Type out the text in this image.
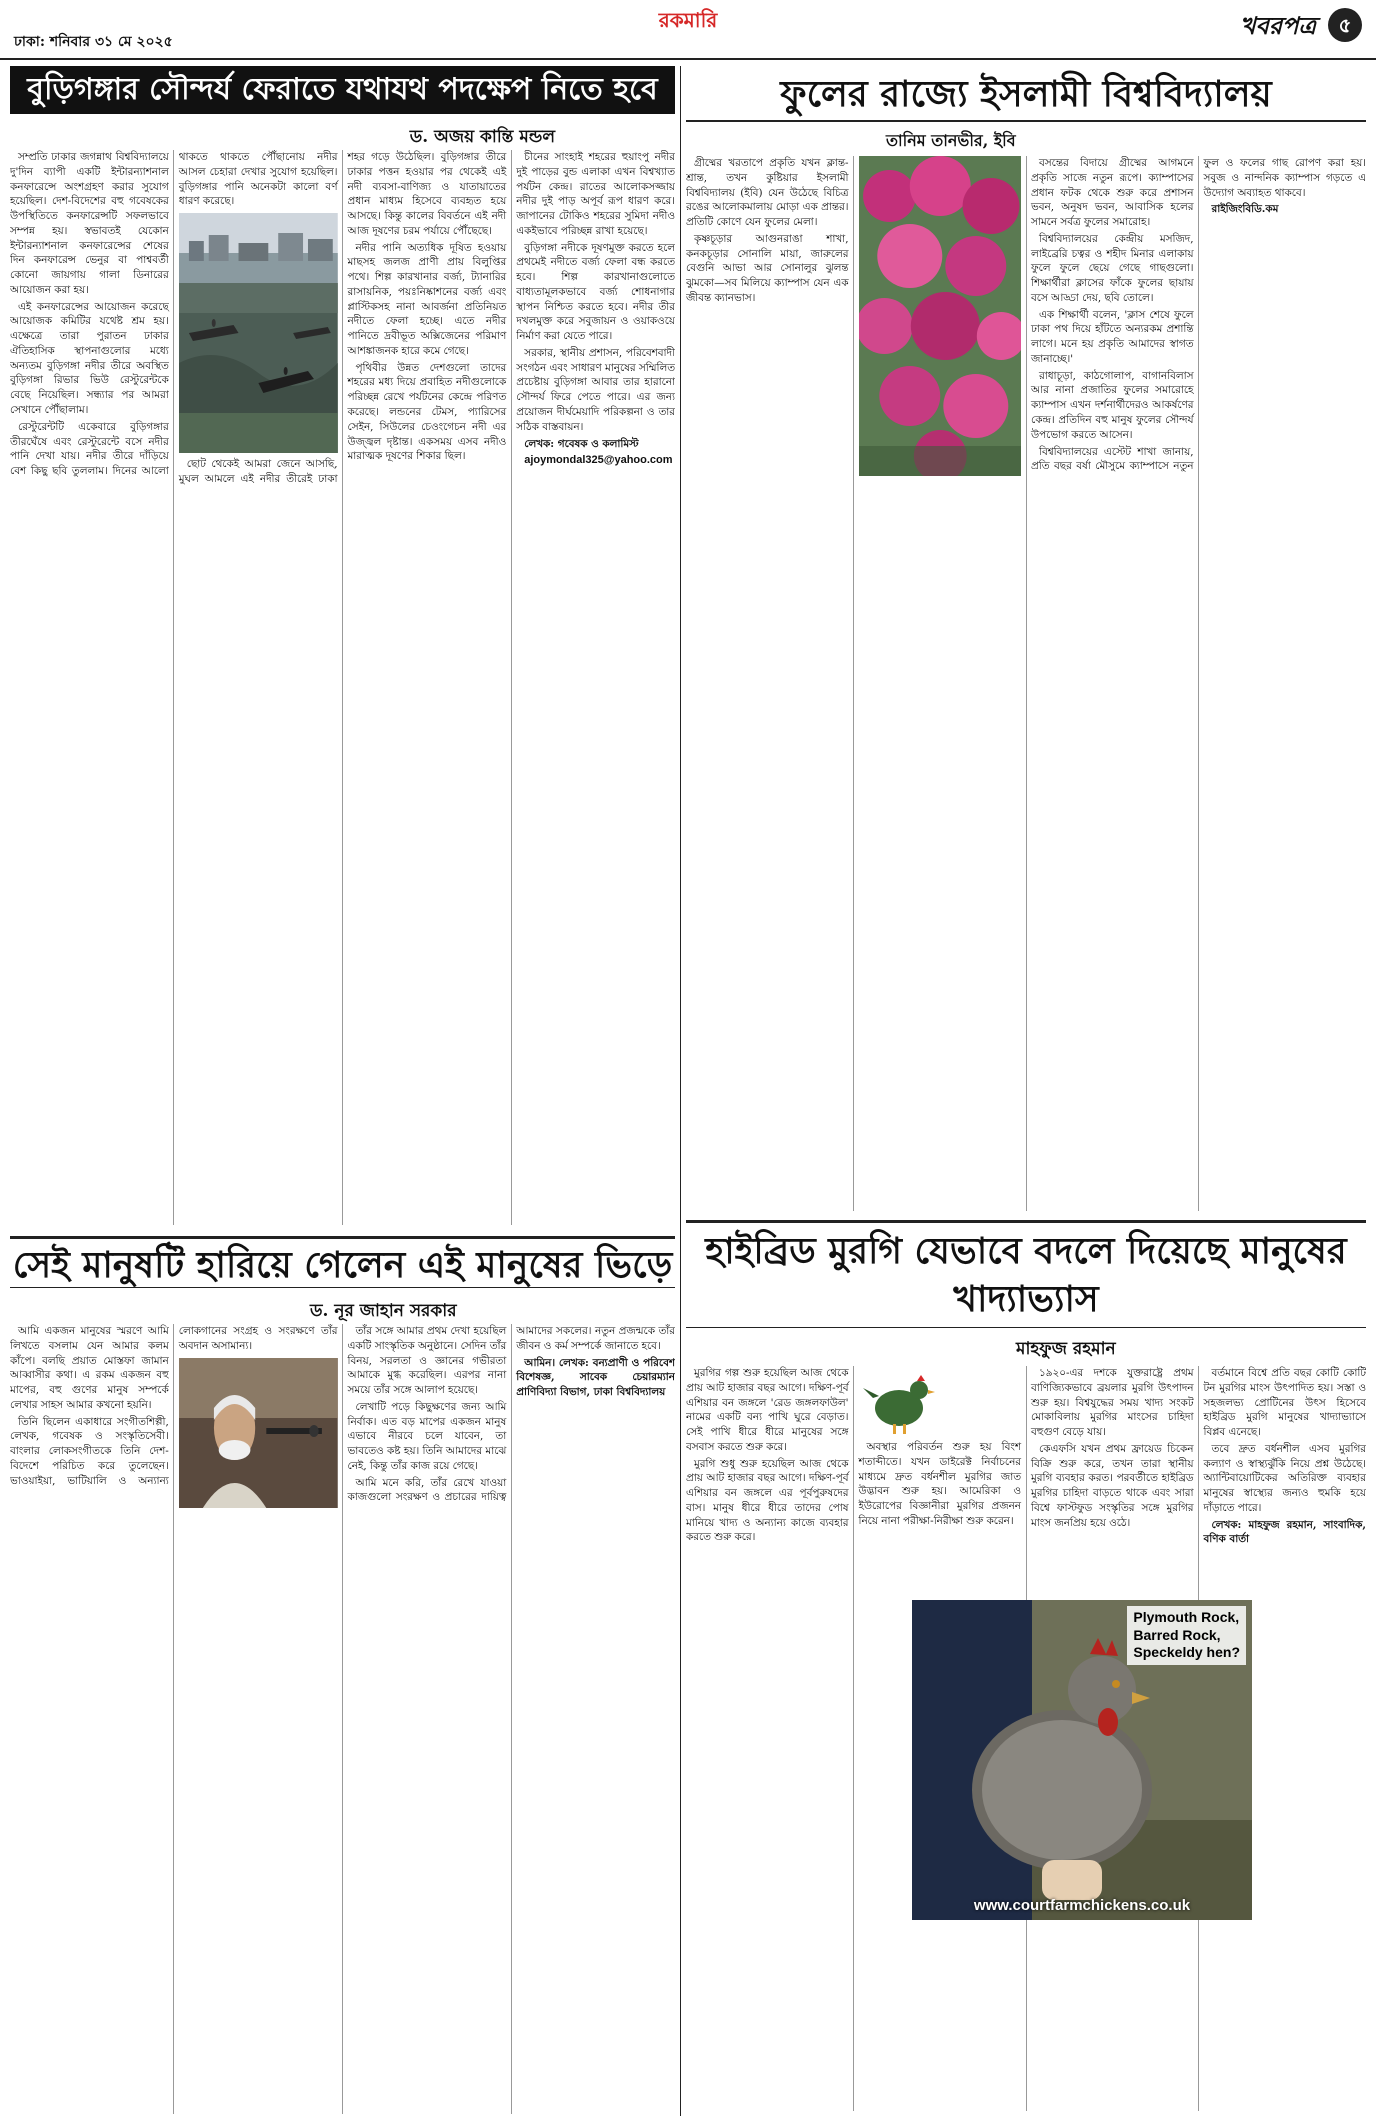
ঢাকা: শনিবার ৩১ মে ২০২৫
রকমারি	খবরপত্র	৫
বুড়িগঙ্গার সৌন্দর্য ফেরাতে যথাযথ পদক্ষেপ নিতে হবে
ড. অজয় কান্তি মন্ডল

সম্প্রতি ঢাকার জগন্নাথ বিশ্ববিদ্যালয়ে দু'দিন ব্যাপী একটি ইন্টারন্যাশনাল কনফারেন্সে অংশগ্রহণ করার সুযোগ হয়েছিল। দেশ-বিদেশের বহু গবেষকের উপস্থিতিতে কনফারেন্সটি সফলভাবে সম্পন্ন হয়। স্বভাবতই যেকোন ইন্টারন্যাশনাল কনফারেন্সের শেষের দিন কনফারেন্স ভেনুর বা পাশ্ববর্তী কোনো জায়গায় গালা ডিনারের আয়োজন করা হয়।

এই কনফারেন্সের আয়োজন করেছে আয়োজক কমিটির যথেষ্ট শ্রম হয়। এক্ষেত্রে তারা পুরাতন ঢাকার ঐতিহাসিক স্থাপনাগুলোর মধ্যে অন্যতম বুড়িগঙ্গা নদীর তীরে অবস্থিত বুড়িগঙ্গা রিভার ভিউ রেস্টুরেন্টকে বেছে নিয়েছিল। সন্ধ্যার পর আমরা সেখানে পৌঁছালাম।

রেস্টুরেন্টটি একেবারে বুড়িগঙ্গার তীরঘেঁষে এবং রেস্টুরেন্টে বসে নদীর পানি দেখা যায়। নদীর তীরে দাঁড়িয়ে বেশ কিছু ছবি তুললাম। দিনের আলো থাকতে থাকতে পৌঁছানোয় নদীর আসল চেহারা দেখার সুযোগ হয়েছিল। বুড়িগঙ্গার পানি অনেকটা কালো বর্ণ ধারণ করেছে।

ছোট থেকেই আমরা জেনে আসছি, মুঘল আমলে এই নদীর তীরেই ঢাকা শহর গড়ে উঠেছিল। বুড়িগঙ্গার তীরে ঢাকার পত্তন হওয়ার পর থেকেই এই নদী ব্যবসা-বাণিজ্য ও যাতায়াতের প্রধান মাধ্যম হিসেবে ব্যবহৃত হয়ে আসছে। কিন্তু কালের বিবর্তনে এই নদী আজ দূষণের চরম পর্যায়ে পৌঁছেছে।

নদীর পানি অত্যধিক দূষিত হওয়ায় মাছসহ জলজ প্রাণী প্রায় বিলুপ্তির পথে। শিল্প কারখানার বর্জ্য, ট্যানারির রাসায়নিক, পয়ঃনিষ্কাশনের বর্জ্য এবং প্লাস্টিকসহ নানা আবর্জনা প্রতিনিয়ত নদীতে ফেলা হচ্ছে। এতে নদীর পানিতে দ্রবীভূত অক্সিজেনের পরিমাণ আশঙ্কাজনক হারে কমে গেছে।

পৃথিবীর উন্নত দেশগুলো তাদের শহরের মধ্য দিয়ে প্রবাহিত নদীগুলোকে পরিচ্ছন্ন রেখে পর্যটনের কেন্দ্রে পরিণত করেছে। লন্ডনের টেমস, প্যারিসের সেইন, সিউলের চেওংগেচন নদী এর উজ্জ্বল দৃষ্টান্ত। একসময় এসব নদীও মারাত্মক দূষণের শিকার ছিল।

চীনের সাংহাই শহরের হুয়াংপু নদীর দুই পাড়ের বুন্ড এলাকা এখন বিশ্বখ্যাত পর্যটন কেন্দ্র। রাতের আলোকসজ্জায় নদীর দুই পাড় অপূর্ব রূপ ধারণ করে। জাপানের টোকিও শহরের সুমিদা নদীও একইভাবে পরিচ্ছন্ন রাখা হয়েছে।

বুড়িগঙ্গা নদীকে দূষণমুক্ত করতে হলে প্রথমেই নদীতে বর্জ্য ফেলা বন্ধ করতে হবে। শিল্প কারখানাগুলোতে বাধ্যতামূলকভাবে বর্জ্য শোধনাগার স্থাপন নিশ্চিত করতে হবে। নদীর তীর দখলমুক্ত করে সবুজায়ন ও ওয়াকওয়ে নির্মাণ করা যেতে পারে।

সরকার, স্থানীয় প্রশাসন, পরিবেশবাদী সংগঠন এবং সাধারণ মানুষের সম্মিলিত প্রচেষ্টায় বুড়িগঙ্গা আবার তার হারানো সৌন্দর্য ফিরে পেতে পারে। এর জন্য প্রয়োজন দীর্ঘমেয়াদি পরিকল্পনা ও তার সঠিক বাস্তবায়ন।

লেখক: গবেষক ও কলামিস্ট

ajoymondal325@yahoo.com

সেই মানুষটি হারিয়ে গেলেন এই মানুষের ভিড়ে
ড. নূর জাহান সরকার

আমি একজন মানুষের স্মরণে আমি লিখতে বসলাম যেন আমার কলম কাঁপে। বলছি প্রয়াত মোস্তফা জামান আব্বাসীর কথা। এ রকম একজন বহু মাপের, বহু গুণের মানুষ সম্পর্কে লেখার সাহস আমার কখনো হয়নি।

তিনি ছিলেন একাধারে সংগীতশিল্পী, লেখক, গবেষক ও সংস্কৃতিসেবী। বাংলার লোকসংগীতকে তিনি দেশ-বিদেশে পরিচিত করে তুলেছেন। ভাওয়াইয়া, ভাটিয়ালি ও অন্যান্য লোকগানের সংগ্রহ ও সংরক্ষণে তাঁর অবদান অসামান্য।

তাঁর সঙ্গে আমার প্রথম দেখা হয়েছিল একটি সাংস্কৃতিক অনুষ্ঠানে। সেদিন তাঁর বিনয়, সরলতা ও জ্ঞানের গভীরতা আমাকে মুগ্ধ করেছিল। এরপর নানা সময়ে তাঁর সঙ্গে আলাপ হয়েছে।

লেখাটি পড়ে কিছুক্ষণের জন্য আমি নির্বাক। এত বড় মাপের একজন মানুষ এভাবে নীরবে চলে যাবেন, তা ভাবতেও কষ্ট হয়। তিনি আমাদের মাঝে নেই, কিন্তু তাঁর কাজ রয়ে গেছে।

আমি মনে করি, তাঁর রেখে যাওয়া কাজগুলো সংরক্ষণ ও প্রচারের দায়িত্ব আমাদের সকলের। নতুন প্রজন্মকে তাঁর জীবন ও কর্ম সম্পর্কে জানাতে হবে।

আমিন। লেখক: বন্যপ্রাণী ও পরিবেশ বিশেষজ্ঞ, সাবেক চেয়ারম্যান প্রাণিবিদ্যা বিভাগ, ঢাকা বিশ্ববিদ্যালয়

ফুলের রাজ্যে ইসলামী বিশ্ববিদ্যালয়
তানিম তানভীর, ইবি

গ্রীষ্মের খরতাপে প্রকৃতি যখন ক্লান্ত-শ্রান্ত, তখন কুষ্টিয়ার ইসলামী বিশ্ববিদ্যালয় (ইবি) যেন উঠেছে বিচিত্র রঙের আলোকমালায় মোড়া এক প্রান্তর। প্রতিটি কোণে যেন ফুলের মেলা।

কৃষ্ণচূড়ার আগুনরাঙা শাখা, কনকচূড়ার সোনালি মায়া, জারুলের বেগুনি আভা আর সোনালুর ঝুলন্ত ঝুমকো—সব মিলিয়ে ক্যাম্পাস যেন এক জীবন্ত ক্যানভাস।

বসন্তের বিদায়ে গ্রীষ্মের আগমনে প্রকৃতি সাজে নতুন রূপে। ক্যাম্পাসের প্রধান ফটক থেকে শুরু করে প্রশাসন ভবন, অনুষদ ভবন, আবাসিক হলের সামনে সর্বত্র ফুলের সমারোহ।

বিশ্ববিদ্যালয়ের কেন্দ্রীয় মসজিদ, লাইব্রেরি চত্বর ও শহীদ মিনার এলাকায় ফুলে ফুলে ছেয়ে গেছে গাছগুলো। শিক্ষার্থীরা ক্লাসের ফাঁকে ফুলের ছায়ায় বসে আড্ডা দেয়, ছবি তোলে।

এক শিক্ষার্থী বলেন, 'ক্লাস শেষে ফুলে ঢাকা পথ দিয়ে হাঁটতে অন্যরকম প্রশান্তি লাগে। মনে হয় প্রকৃতি আমাদের স্বাগত জানাচ্ছে।'

রাধাচূড়া, কাঠগোলাপ, বাগানবিলাস আর নানা প্রজাতির ফুলের সমারোহে ক্যাম্পাস এখন দর্শনার্থীদেরও আকর্ষণের কেন্দ্র। প্রতিদিন বহু মানুষ ফুলের সৌন্দর্য উপভোগ করতে আসেন।

বিশ্ববিদ্যালয়ের এস্টেট শাখা জানায়, প্রতি বছর বর্ষা মৌসুমে ক্যাম্পাসে নতুন ফুল ও ফলের গাছ রোপণ করা হয়। সবুজ ও নান্দনিক ক্যাম্পাস গড়তে এ উদ্যোগ অব্যাহত থাকবে।

রাইজিংবিডি.কম

হাইব্রিড মুরগি যেভাবে বদলে দিয়েছে মানুষের খাদ্যাভ্যাস
মাহফুজ রহমান

মুরগির গল্প শুরু হয়েছিল আজ থেকে প্রায় আট হাজার বছর আগে। দক্ষিণ-পূর্ব এশিয়ার বন জঙ্গলে 'রেড জঙ্গলফাউল' নামের একটি বন্য পাখি ঘুরে বেড়াত। সেই পাখি ধীরে ধীরে মানুষের সঙ্গে বসবাস করতে শুরু করে।

মুরগি শুধু শুরু হয়েছিল আজ থেকে প্রায় আট হাজার বছর আগে। দক্ষিণ-পূর্ব এশিয়ার বন জঙ্গলে এর পূর্বপুরুষদের বাস। মানুষ ধীরে ধীরে তাদের পোষ মানিয়ে খাদ্য ও অন্যান্য কাজে ব্যবহার করতে শুরু করে।

অবস্থার পরিবর্তন শুরু হয় বিংশ শতাব্দীতে। যখন ডাইরেক্ট নির্বাচনের মাধ্যমে দ্রুত বর্ধনশীল মুরগির জাত উদ্ভাবন শুরু হয়। আমেরিকা ও ইউরোপের বিজ্ঞানীরা মুরগির প্রজনন নিয়ে নানা পরীক্ষা-নিরীক্ষা শুরু করেন।

১৯২০-এর দশকে যুক্তরাষ্ট্রে প্রথম বাণিজ্যিকভাবে ব্রয়লার মুরগি উৎপাদন শুরু হয়। বিশ্বযুদ্ধের সময় খাদ্য সংকট মোকাবিলায় মুরগির মাংসের চাহিদা বহুগুণ বেড়ে যায়।

কেএফসি যখন প্রথম ফ্রায়েড চিকেন বিক্রি শুরু করে, তখন তারা স্থানীয় মুরগি ব্যবহার করত। পরবর্তীতে হাইব্রিড মুরগির চাহিদা বাড়তে থাকে এবং সারা বিশ্বে ফাস্টফুড সংস্কৃতির সঙ্গে মুরগির মাংস জনপ্রিয় হয়ে ওঠে।

বর্তমানে বিশ্বে প্রতি বছর কোটি কোটি টন মুরগির মাংস উৎপাদিত হয়। সস্তা ও সহজলভ্য প্রোটিনের উৎস হিসেবে হাইব্রিড মুরগি মানুষের খাদ্যাভ্যাসে বিপ্লব এনেছে।

তবে দ্রুত বর্ধনশীল এসব মুরগির কল্যাণ ও স্বাস্থ্যঝুঁকি নিয়ে প্রশ্ন উঠেছে। অ্যান্টিবায়োটিকের অতিরিক্ত ব্যবহার মানুষের স্বাস্থ্যের জন্যও হুমকি হয়ে দাঁড়াতে পারে।

লেখক: মাহফুজ রহমান, সাংবাদিক, বণিক বার্তা

Plymouth Rock,
Barred Rock,
Speckeldy hen?
www.courtfarmchickens.co.uk
